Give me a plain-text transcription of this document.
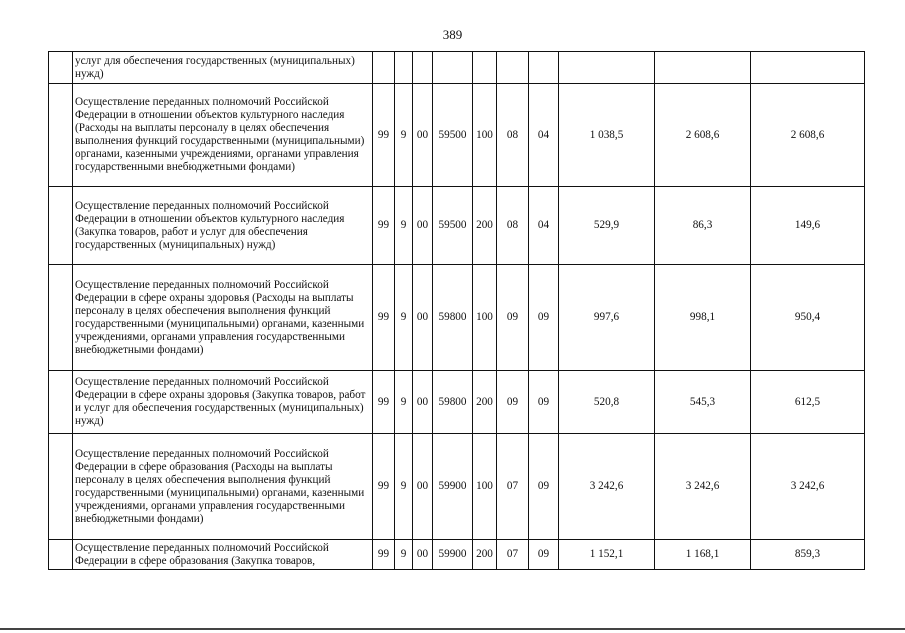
389
	услуг для обеспечения государственных (муниципальных) нужд)										
	Осуществление переданных полномочий Российской Федерации в отношении объектов культурного наследия (Расходы на выплаты персоналу в целях обеспечения выполнения функций государственными (муниципальными) органами, казенными учреждениями, органами управления государственными внебюджетными фондами)	99	9	00	59500	100	08	04	1 038,5	2 608,6	2 608,6
	Осуществление переданных полномочий Российской Федерации в отношении объектов культурного наследия (Закупка товаров, работ и услуг для обеспечения государственных (муниципальных) нужд)	99	9	00	59500	200	08	04	529,9	86,3	149,6
	Осуществление переданных полномочий Российской Федерации в сфере охраны здоровья (Расходы на выплаты персоналу в целях обеспечения выполнения функций государственными (муниципальными) органами, казенными учреждениями, органами управления государственными внебюджетными фондами)	99	9	00	59800	100	09	09	997,6	998,1	950,4
	Осуществление переданных полномочий Российской Федерации в сфере охраны здоровья (Закупка товаров, работ и услуг для обеспечения государственных (муниципальных) нужд)	99	9	00	59800	200	09	09	520,8	545,3	612,5
	Осуществление переданных полномочий Российской Федерации в сфере образования (Расходы на выплаты персоналу в целях обеспечения выполнения функций государственными (муниципальными) органами, казенными учреждениями, органами управления государственными внебюджетными фондами)	99	9	00	59900	100	07	09	3 242,6	3 242,6	3 242,6
	Осуществление переданных полномочий Российской Федерации в сфере образования (Закупка товаров,	99	9	00	59900	200	07	09	1 152,1	1 168,1	859,3
